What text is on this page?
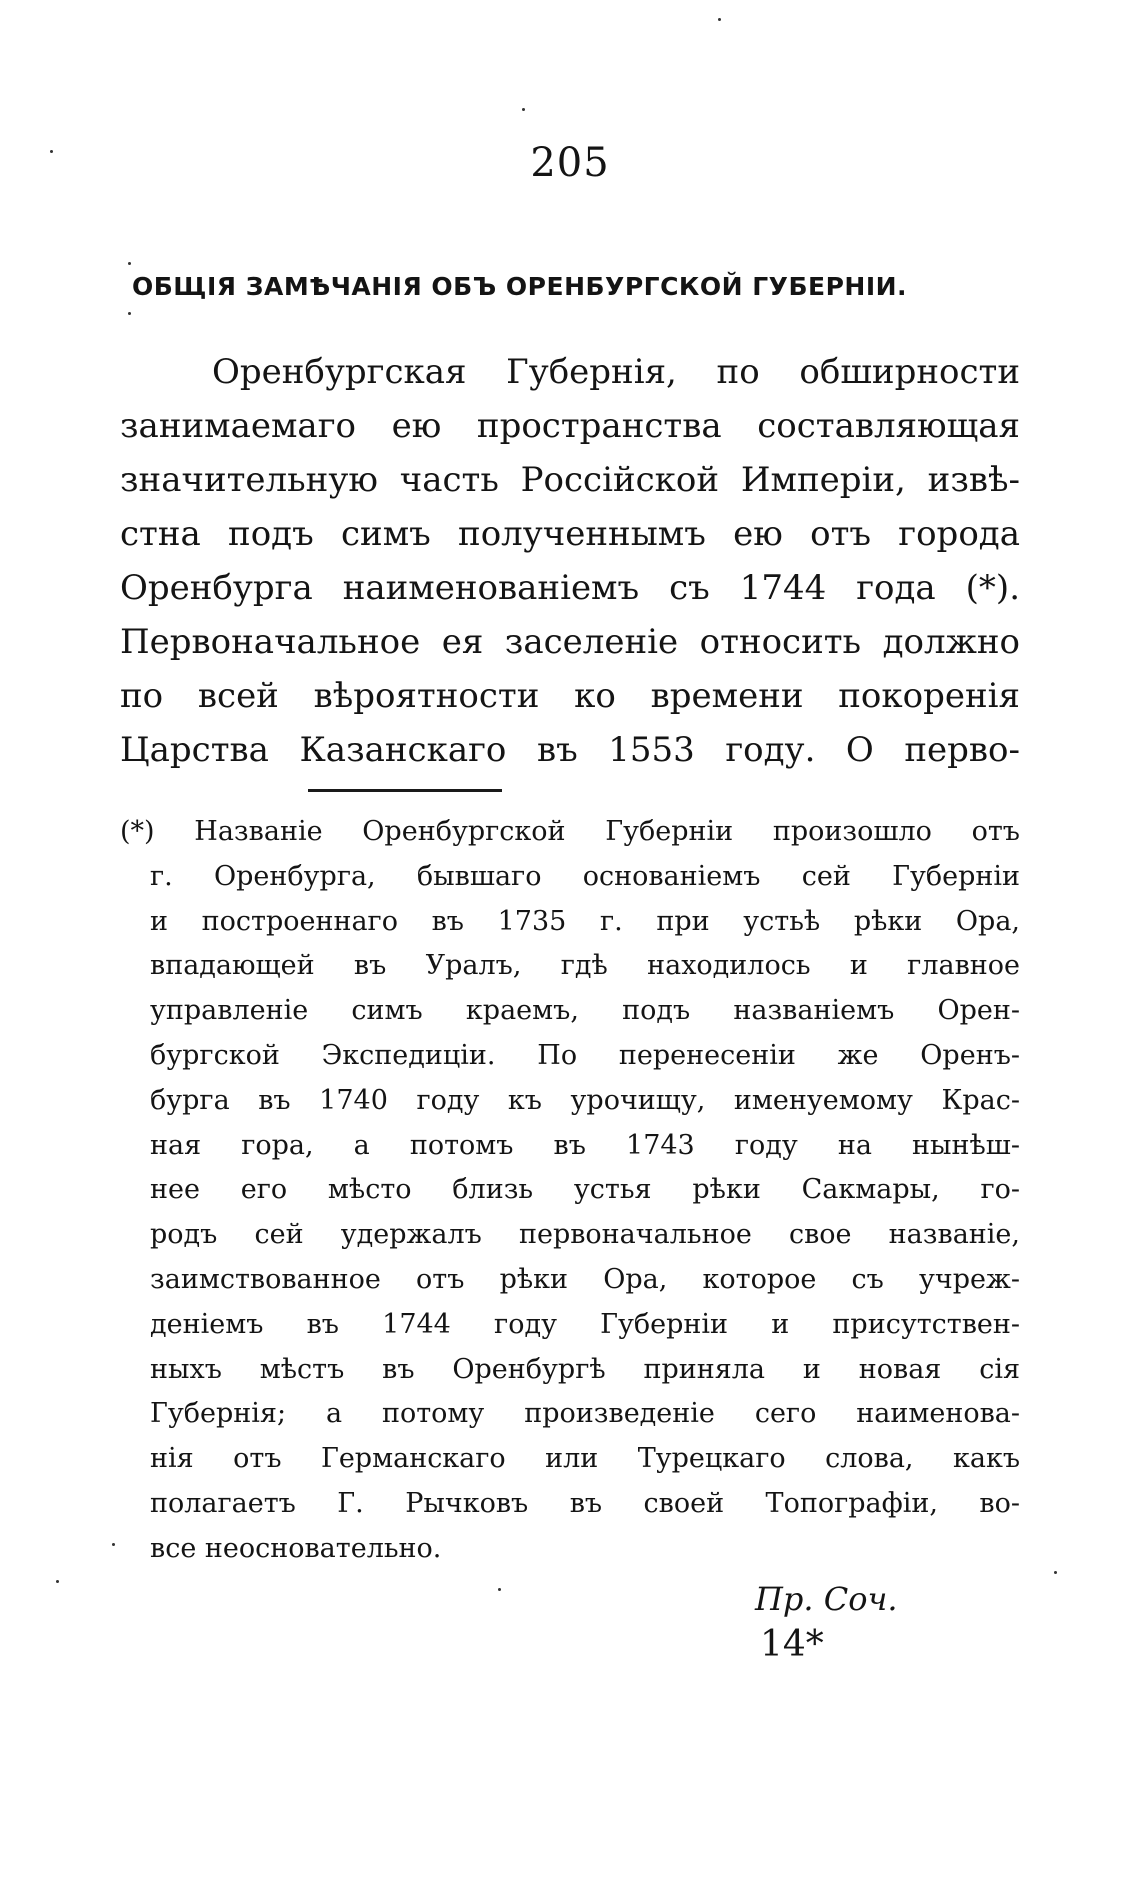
205
ОБЩІЯ ЗАМѢЧАНІЯ ОБЪ ОРЕНБУРГСКОЙ ГУБЕРНІИ.
Оренбургская Губернія, по обширности
занимаемаго ею пространства составляющая
значительную часть Россійской Имперіи, извѣ-
стна подъ симъ полученнымъ ею отъ города
Оренбурга наименованіемъ съ 1744 года (*).
Первоначальное ея заселеніе относить должно
по всей вѣроятности ко времени покоренія
Царства Казанскаго въ 1553 году. О перво-
(*) Названіе Оренбургской Губерніи произошло отъ
г. Оренбурга, бывшаго основаніемъ сей Губерніи
и построеннаго въ 1735 г. при устьѣ рѣки Ора,
впадающей въ Уралъ, гдѣ находилось и главное
управленіе симъ краемъ, подъ названіемъ Орен-
бургской Экспедиціи. По перенесеніи же Оренъ-
бурга въ 1740 году къ урочищу, именуемому Крас-
ная гора, а потомъ въ 1743 году на нынѣш-
нее его мѣсто близь устья рѣки Сакмары, го-
родъ сей удержалъ первоначальное свое названіе,
заимствованное отъ рѣки Ора, которое съ учреж-
деніемъ въ 1744 году Губерніи и присутствен-
ныхъ мѣстъ въ Оренбургѣ приняла и новая сія
Губернія; а потому произведеніе сего наименова-
нія отъ Германскаго или Турецкаго слова, какъ
полагаетъ Г. Рычковъ въ своей Топографіи, во-
все неосновательно.
Пр. Соч.
14*
